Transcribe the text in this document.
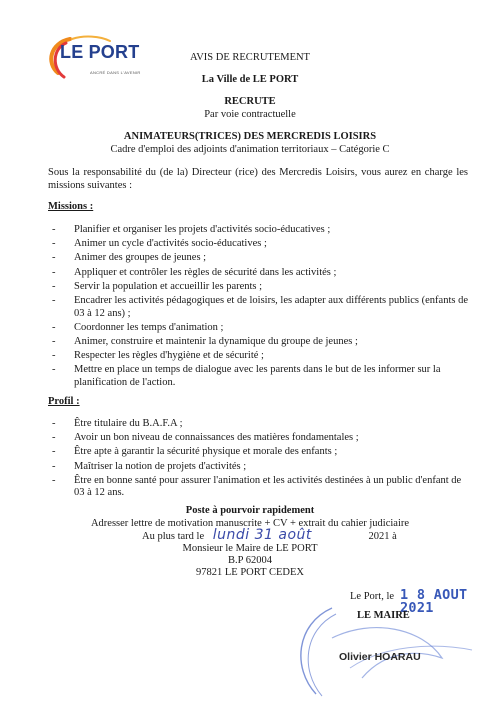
LE PORT
ANCRÉ DANS L'AVENIR
AVIS DE RECRUTEMENT
La Ville de LE PORT
RECRUTE
Par voie contractuelle
ANIMATEURS(TRICES) DES MERCREDIS LOISIRS
Cadre d'emploi des adjoints d'animation territoriaux – Catégorie C
Sous la responsabilité du (de la) Directeur (rice) des Mercredis Loisirs, vous aurez en charge les missions suivantes :
Missions :
- Planifier et organiser les projets d'activités socio-éducatives ;
- Animer un cycle d'activités socio-éducatives ;
- Animer des groupes de jeunes ;
- Appliquer et contrôler les règles de sécurité dans les activités ;
- Servir la population et accueillir les parents ;
- Encadrer les activités pédagogiques et de loisirs, les adapter aux différents publics (enfants de 03 à 12 ans) ;
- Coordonner les temps d'animation ;
- Animer, construire et maintenir la dynamique du groupe de jeunes ;
- Respecter les règles d'hygiène et de sécurité ;
- Mettre en place un temps de dialogue avec les parents dans le but de les informer sur la planification de l'action.
Profil :
- Être titulaire du B.A.F.A ;
- Avoir un bon niveau de connaissances des matières fondamentales ;
- Être apte à garantir la sécurité physique et morale des enfants ;
- Maîtriser la notion de projets d'activités ;
- Être en bonne santé pour assurer l'animation et les activités destinées à un public d'enfant de 03 à 12 ans.
Poste à pourvoir rapidement
Adresser lettre de motivation manuscrite + CV + extrait du cahier judiciaire
Au plus tard le lundi 31 août	2021 à
Monsieur le Maire de LE PORT
B.P 62004
97821 LE PORT CEDEX
Le Port, le 1 8 AOUT 2021
LE MAIRE
Olivier HOARAU
